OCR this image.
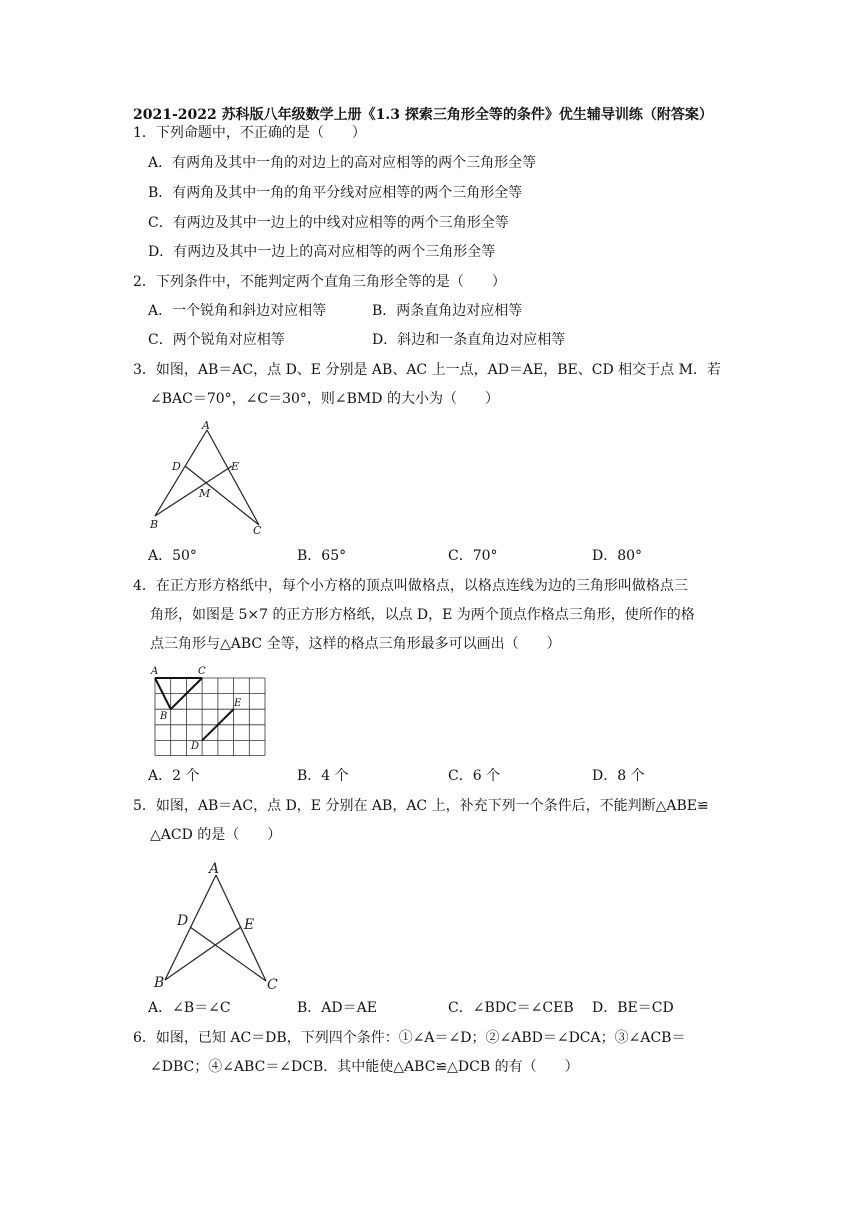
2021-2022 苏科版八年级数学上册《1.3 探索三角形全等的条件》优生辅导训练（附答案）
1．下列命题中，不正确的是（　　）
A．有两角及其中一角的对边上的高对应相等的两个三角形全等
B．有两角及其中一角的角平分线对应相等的两个三角形全等
C．有两边及其中一边上的中线对应相等的两个三角形全等
D．有两边及其中一边上的高对应相等的两个三角形全等
2．下列条件中，不能判定两个直角三角形全等的是（　　）
A．一个锐角和斜边对应相等	B．两条直角边对应相等
C．两个锐角对应相等	D．斜边和一条直角边对应相等
3．如图，AB＝AC，点 D、E 分别是 AB、AC 上一点，AD＝AE，BE、CD 相交于点 M．若
∠BAC＝70°，∠C＝30°，则∠BMD 的大小为（　　）
A
D	E
M
B	C
A．50°	B．65°	C．70°	D．80°
4．在正方形方格纸中，每个小方格的顶点叫做格点，以格点连线为边的三角形叫做格点三
角形，如图是 5×7 的正方形方格纸，以点 D，E 为两个顶点作格点三角形，使所作的格
点三角形与△ABC 全等，这样的格点三角形最多可以画出（　　）
A	C
B
E
D
A．2 个	B．4 个	C．6 个	D．8 个
5．如图，AB＝AC，点 D，E 分别在 AB，AC 上，补充下列一个条件后，不能判断△ABE≌
△ACD 的是（　　）
A
D	E
B	C
A．∠B＝∠C	B．AD＝AE	C．∠BDC＝∠CEB D．BE＝CD
6．如图，已知 AC＝DB，下列四个条件：①∠A＝∠D；②∠ABD＝∠DCA；③∠ACB＝
∠DBC；④∠ABC＝∠DCB．其中能使△ABC≌△DCB 的有（　　）
